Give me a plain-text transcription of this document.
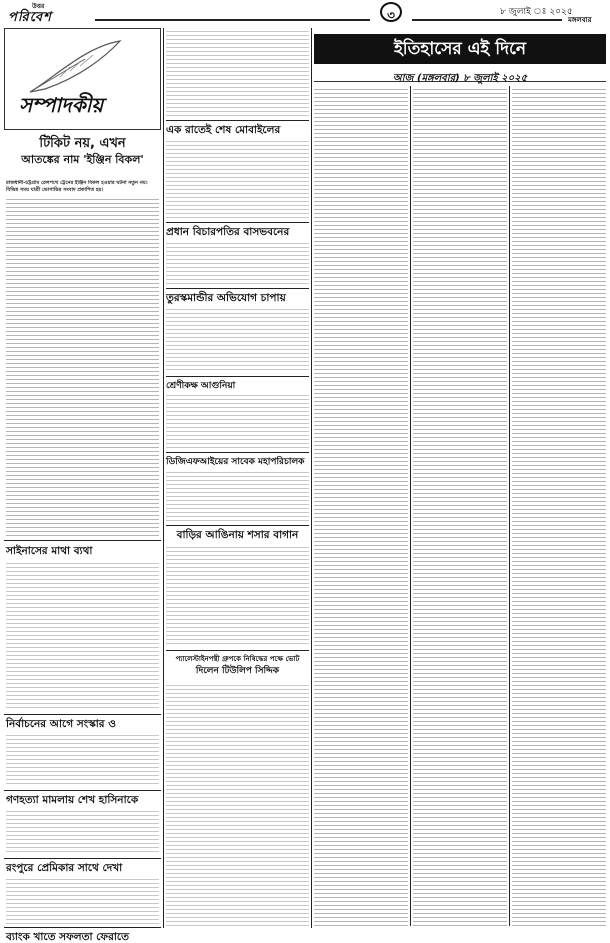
উত্তর
পরিবেশ	৩	৮ জুলাই ঃ ২০২৫
মঙ্গলবার
সম্পাদকীয়
টিকিট নয়, এখন
আতঙ্কের নাম 'ইঞ্জিন বিকল'
রাজধানী-চট্টগ্রাম রেলপথে ট্রেনের ইঞ্জিন বিকল হওয়ার ঘটনা নতুন নয়। বিভিন্ন সময় যাত্রী ভোগান্তির সংবাদ প্রকাশিত হয়।
সাইনাসের মাথা ব্যথা
নির্বাচনের আগে সংস্কার ও
গণহত্যা মামলায় শেখ হাসিনাকে
রংপুরে প্রেমিকার সাথে দেখা
ব্যাংক খাতে সফলতা ফেরাতে
এক রাতেই শেষ মোবাইলের
প্রধান বিচারপতির বাসভবনের
তুরস্কমান্ডীর অভিযোগ চাপায়
শ্রেণীকক্ষ আগুনিয়া
ডিজিএফআইয়ের সাবেক মহাপরিচালক
বাড়ির আঙিনায় শসার বাগান
প্যালেস্টাইনপন্থী গ্রুপকে নিষিদ্ধের পক্ষে ভোট
দিলেন টিউলিপ সিদ্দিক
ইতিহাসের এই দিনে
আজ (মঙ্গলবার) ৮ জুলাই ২০২৫
